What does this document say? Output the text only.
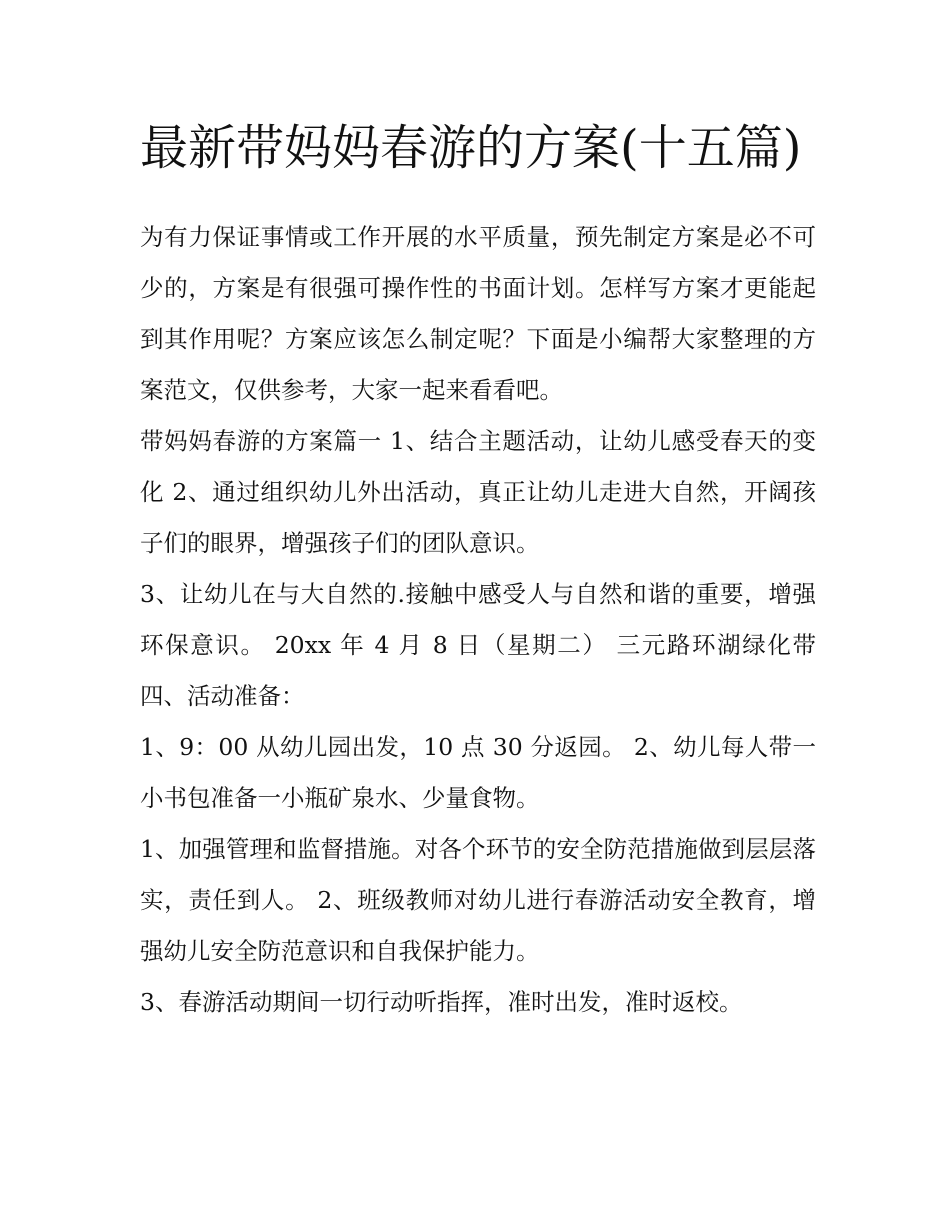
最新带妈妈春游的方案(十五篇)

为有力保证事情或工作开展的水平质量，预先制定方案是必不可少的，方案是有很强可操作性的书面计划。怎样写方案才更能起到其作用呢？方案应该怎么制定呢？下面是小编帮大家整理的方案范文，仅供参考，大家一起来看看吧。

带妈妈春游的方案篇一 1、结合主题活动，让幼儿感受春天的变化 2、通过组织幼儿外出活动，真正让幼儿走进大自然，开阔孩子们的眼界，增强孩子们的团队意识。

3、让幼儿在与大自然的.接触中感受人与自然和谐的重要，增强环保意识。 20xx 年 4 月 8 日（星期二） 三元路环湖绿化带 四、活动准备：

1、9：00 从幼儿园出发，10 点 30 分返园。 2、幼儿每人带一小书包准备一小瓶矿泉水、少量食物。

1、加强管理和监督措施。对各个环节的安全防范措施做到层层落实，责任到人。 2、班级教师对幼儿进行春游活动安全教育，增强幼儿安全防范意识和自我保护能力。

3、春游活动期间一切行动听指挥，准时出发，准时返校。
